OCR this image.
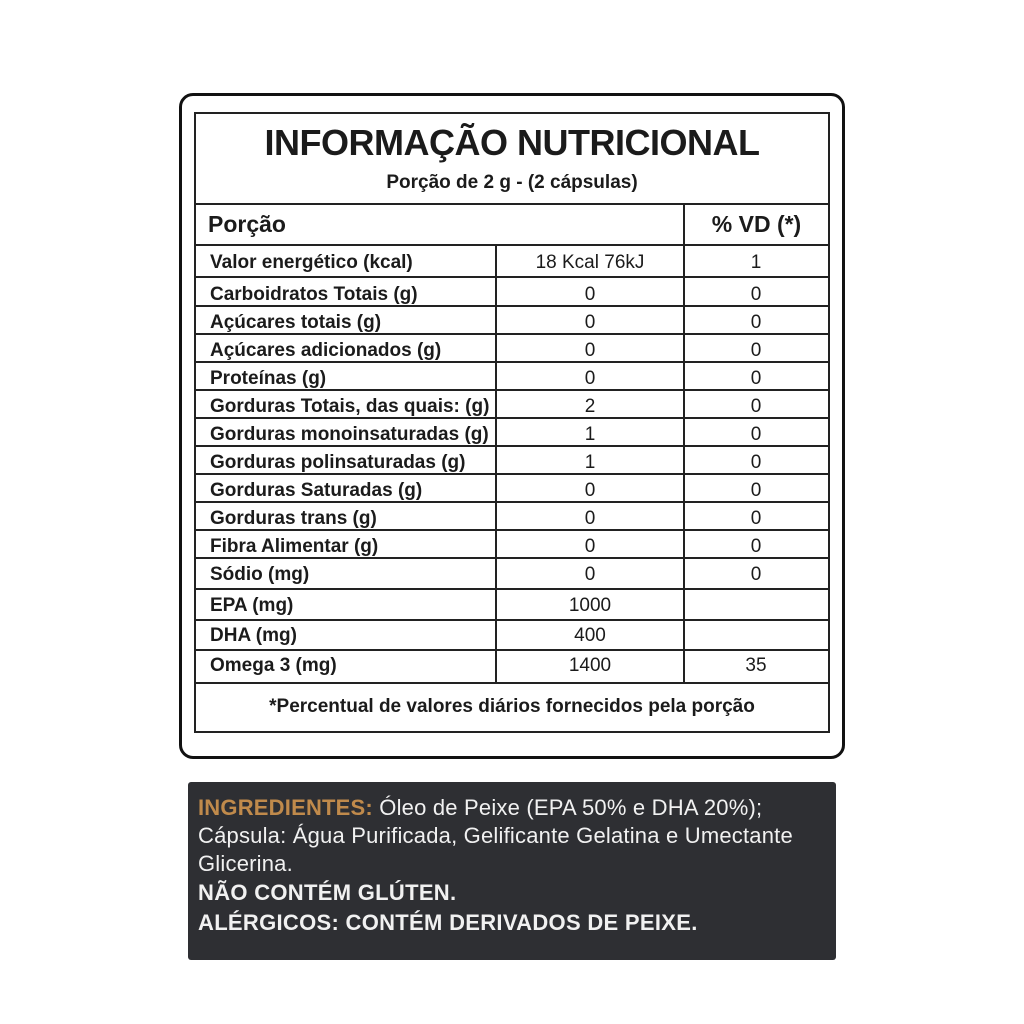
INFORMAÇÃO NUTRICIONAL
Porção de 2 g - (2 cápsulas)
Porção	% VD (*)
Valor energético (kcal)	18 Kcal 76kJ	1
Carboidratos Totais (g)	0	0
Açúcares totais (g)	0	0
Açúcares adicionados (g)	0	0
Proteínas (g)	0	0
Gorduras Totais, das quais: (g)	2	0
Gorduras monoinsaturadas (g)	1	0
Gorduras polinsaturadas (g)	1	0
Gorduras Saturadas (g)	0	0
Gorduras trans (g)	0	0
Fibra Alimentar (g)	0	0
Sódio (mg)	0	0
EPA (mg)	1000
DHA (mg)	400
Omega 3 (mg)	1400	35
*Percentual de valores diários fornecidos pela porção
INGREDIENTES: Óleo de Peixe (EPA 50% e DHA 20%); Cápsula: Água Purificada, Gelificante Gelatina e Umectante Glicerina.
NÃO CONTÉM GLÚTEN.
ALÉRGICOS: CONTÉM DERIVADOS DE PEIXE.
